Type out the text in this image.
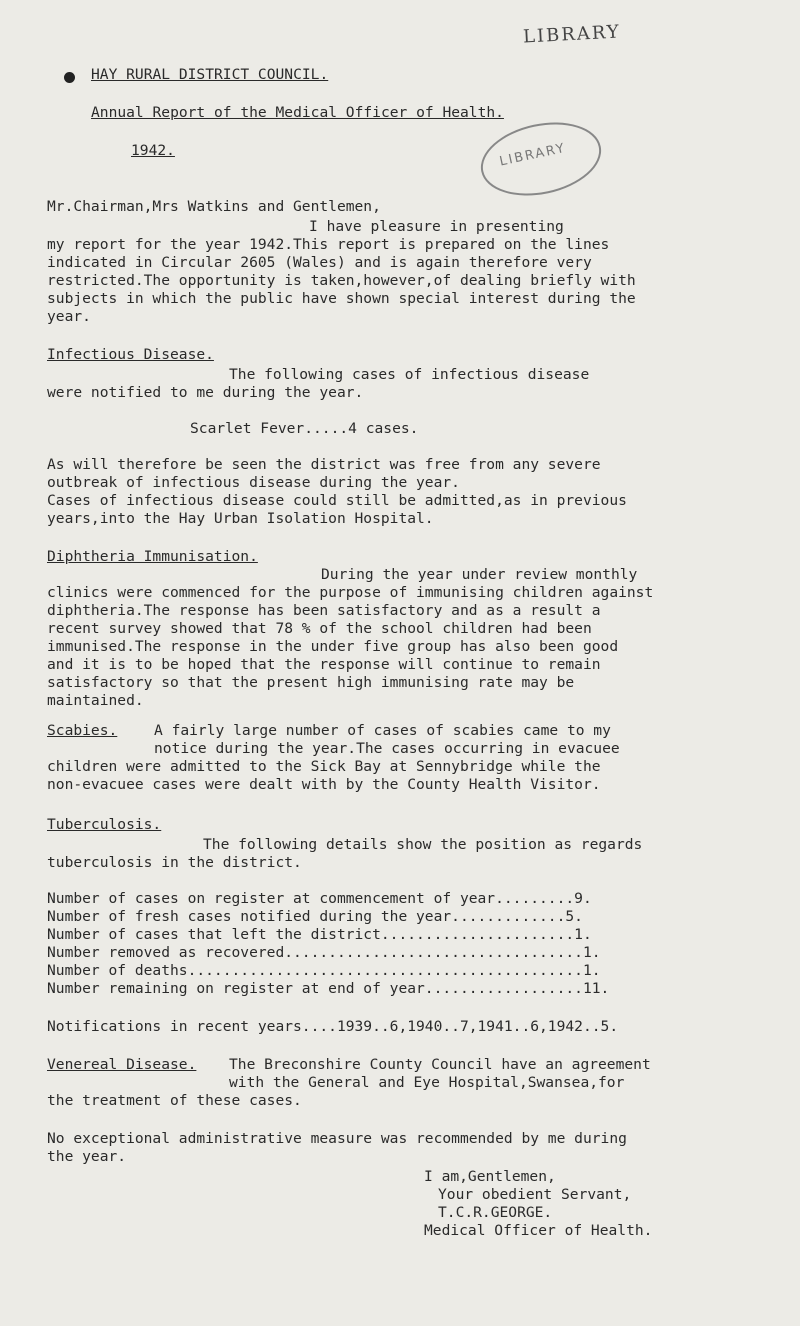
LIBRARY
LIBRARY
HAY RURAL DISTRICT COUNCIL.
Annual Report of the Medical Officer of Health.
1942.
Mr.Chairman,Mrs Watkins and Gentlemen,
I have pleasure in presenting
my report for the year 1942.This report is prepared on the lines
indicated in Circular 2605 (Wales) and is again therefore very
restricted.The opportunity is taken,however,of dealing briefly with
subjects in which the public have shown special interest during the
year.
Infectious Disease.
The following cases of infectious disease
were notified to me during the year.
Scarlet Fever.....4 cases.
As will therefore be seen the district was free from any severe
outbreak of infectious disease during the year.
Cases of infectious disease could still be admitted,as in previous
years,into the Hay Urban Isolation Hospital.
Diphtheria Immunisation.
During the year under review monthly
clinics were commenced for the purpose of immunising children against
diphtheria.The response has been satisfactory and as a result a
recent survey showed that 78 % of the school children had been
immunised.The response in the under five group has also been good
and it is to be hoped that the response will continue to remain
satisfactory so that the present high immunising rate may be
maintained.
Scabies.	A fairly large number of cases of scabies came to my
notice during the year.The cases occurring in evacuee
children were admitted to the Sick Bay at Sennybridge while the
non-evacuee cases were dealt with by the County Health Visitor.
Tuberculosis.
The following details show the position as regards
tuberculosis in the district.
Number of cases on register at commencement of year.........9.
Number of fresh cases notified during the year.............5.
Number of cases that left the district......................1.
Number removed as recovered..................................1.
Number of deaths.............................................1.
Number remaining on register at end of year..................11.
Notifications in recent years....1939..6,1940..7,1941..6,1942..5.
Venereal Disease. The Breconshire County Council have an agreement
with the General and Eye Hospital,Swansea,for
the treatment of these cases.
No exceptional administrative measure was recommended by me during
the year.
I am,Gentlemen,
Your obedient Servant,
T.C.R.GEORGE.
Medical Officer of Health.
